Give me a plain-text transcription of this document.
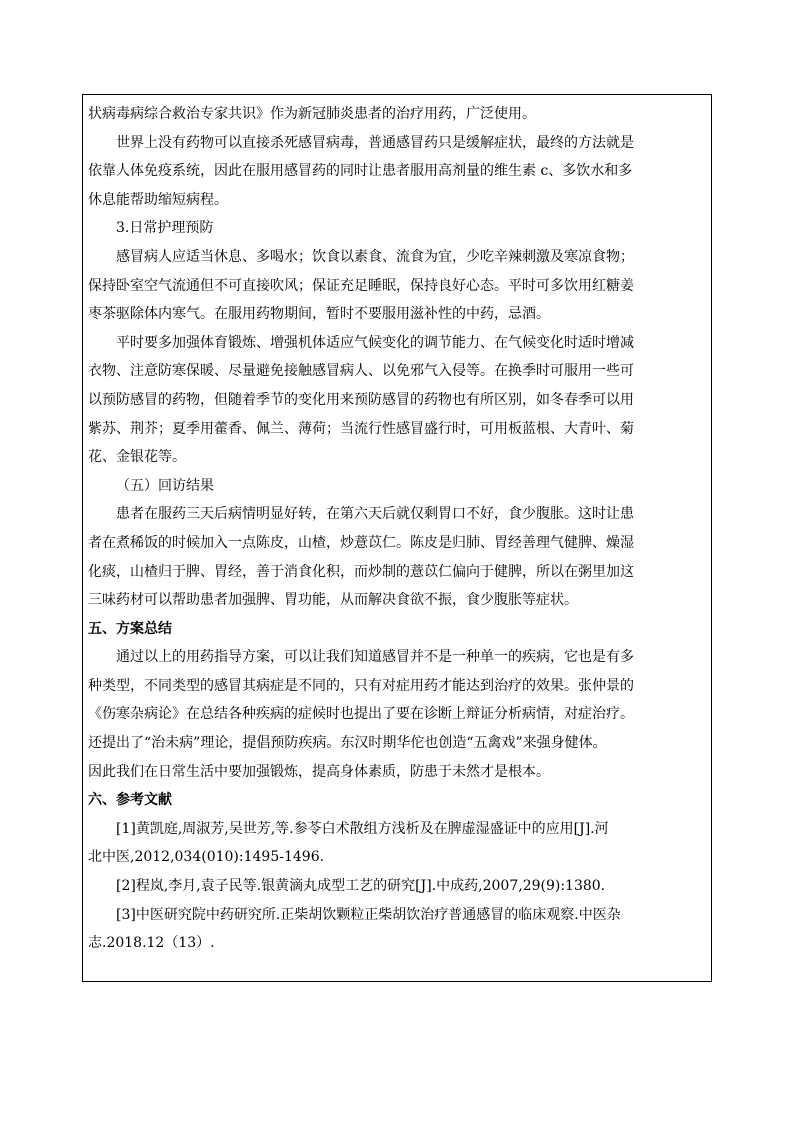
状病毒病综合救治专家共识》作为新冠肺炎患者的治疗用药，广泛使用。
世界上没有药物可以直接杀死感冒病毒，普通感冒药只是缓解症状，最终的方法就是
依靠人体免疫系统，因此在服用感冒药的同时让患者服用高剂量的维生素 c、多饮水和多
休息能帮助缩短病程。
3.日常护理预防
感冒病人应适当休息、多喝水；饮食以素食、流食为宜，少吃辛辣刺激及寒凉食物；
保持卧室空气流通但不可直接吹风；保证充足睡眠，保持良好心态。平时可多饮用红糖姜
枣茶驱除体内寒气。在服用药物期间，暂时不要服用滋补性的中药，忌酒。
平时要多加强体育锻炼、增强机体适应气候变化的调节能力、在气候变化时适时增减
衣物、注意防寒保暖、尽量避免接触感冒病人、以免邪气入侵等。在换季时可服用一些可
以预防感冒的药物，但随着季节的变化用来预防感冒的药物也有所区别，如冬春季可以用
紫苏、荆芥；夏季用藿香、佩兰、薄荷；当流行性感冒盛行时，可用板蓝根、大青叶、菊
花、金银花等。
（五）回访结果
患者在服药三天后病情明显好转，在第六天后就仅剩胃口不好，食少腹胀。这时让患
者在煮稀饭的时候加入一点陈皮，山楂，炒薏苡仁。陈皮是归肺、胃经善理气健脾、燥湿
化痰，山楂归于脾、胃经，善于消食化积，而炒制的薏苡仁偏向于健脾，所以在粥里加这
三味药材可以帮助患者加强脾、胃功能，从而解决食欲不振，食少腹胀等症状。
五、方案总结
通过以上的用药指导方案，可以让我们知道感冒并不是一种单一的疾病，它也是有多
种类型，不同类型的感冒其病症是不同的，只有对症用药才能达到治疗的效果。张仲景的
《伤寒杂病论》在总结各种疾病的症候时也提出了要在诊断上辩证分析病情，对症治疗。
还提出了“治未病”理论，提倡预防疾病。东汉时期华佗也创造“五禽戏”来强身健体。
因此我们在日常生活中要加强锻炼，提高身体素质，防患于未然才是根本。
六、参考文献
[1]黄凯庭,周淑芳,吴世芳,等.参苓白术散组方浅析及在脾虚湿盛证中的应用[J].河
北中医,2012,034(010):1495-1496.
[2]程岚,李月,袁子民等.银黄滴丸成型工艺的研究[J].中成药,2007,29(9):1380.
[3]中医研究院中药研究所.正柴胡饮颗粒正柴胡饮治疗普通感冒的临床观察.中医杂
志.2018.12（13）.
